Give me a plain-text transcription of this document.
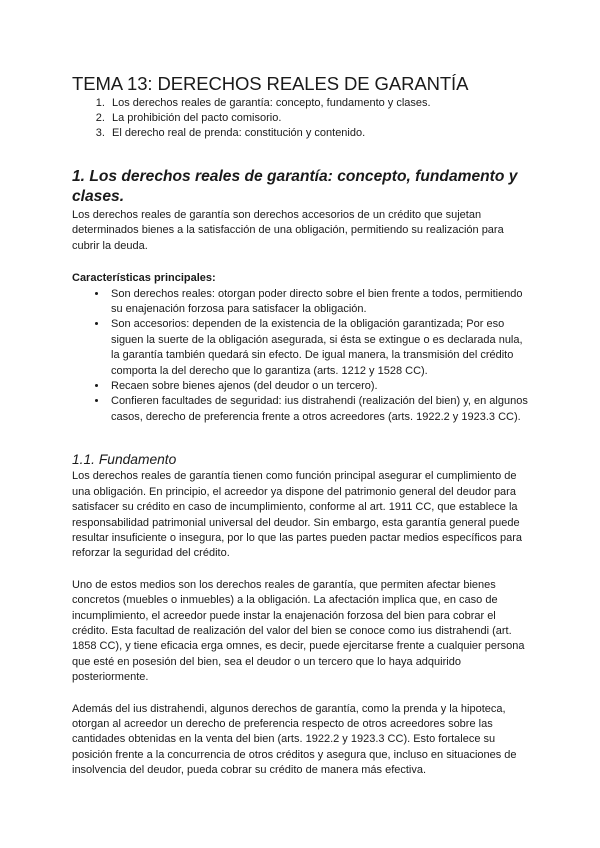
TEMA 13: DERECHOS REALES DE GARANTÍA
1. Los derechos reales de garantía: concepto, fundamento y clases.
2. La prohibición del pacto comisorio.
3. El derecho real de prenda: constitución y contenido.
1. Los derechos reales de garantía: concepto, fundamento y clases.

Los derechos reales de garantía son derechos accesorios de un crédito que sujetan determinados bienes a la satisfacción de una obligación, permitiendo su realización para cubrir la deuda.

Características principales:

• Son derechos reales: otorgan poder directo sobre el bien frente a todos, permitiendo su enajenación forzosa para satisfacer la obligación.
• Son accesorios: dependen de la existencia de la obligación garantizada; Por eso siguen la suerte de la obligación asegurada, si ésta se extingue o es declarada nula, la garantía también quedará sin efecto. De igual manera, la transmisión del crédito comporta la del derecho que lo garantiza (arts. 1212 y 1528 CC).
• Recaen sobre bienes ajenos (del deudor o un tercero).
• Confieren facultades de seguridad: ius distrahendi (realización del bien) y, en algunos casos, derecho de preferencia frente a otros acreedores (arts. 1922.2 y 1923.3 CC).
1.1. Fundamento

Los derechos reales de garantía tienen como función principal asegurar el cumplimiento de una obligación. En principio, el acreedor ya dispone del patrimonio general del deudor para satisfacer su crédito en caso de incumplimiento, conforme al art. 1911 CC, que establece la responsabilidad patrimonial universal del deudor. Sin embargo, esta garantía general puede resultar insuficiente o insegura, por lo que las partes pueden pactar medios específicos para reforzar la seguridad del crédito.

Uno de estos medios son los derechos reales de garantía, que permiten afectar bienes concretos (muebles o inmuebles) a la obligación. La afectación implica que, en caso de incumplimiento, el acreedor puede instar la enajenación forzosa del bien para cobrar el crédito. Esta facultad de realización del valor del bien se conoce como ius distrahendi (art. 1858 CC), y tiene eficacia erga omnes, es decir, puede ejercitarse frente a cualquier persona que esté en posesión del bien, sea el deudor o un tercero que lo haya adquirido posteriormente.

Además del ius distrahendi, algunos derechos de garantía, como la prenda y la hipoteca, otorgan al acreedor un derecho de preferencia respecto de otros acreedores sobre las cantidades obtenidas en la venta del bien (arts. 1922.2 y 1923.3 CC). Esto fortalece su posición frente a la concurrencia de otros créditos y asegura que, incluso en situaciones de insolvencia del deudor, pueda cobrar su crédito de manera más efectiva.
